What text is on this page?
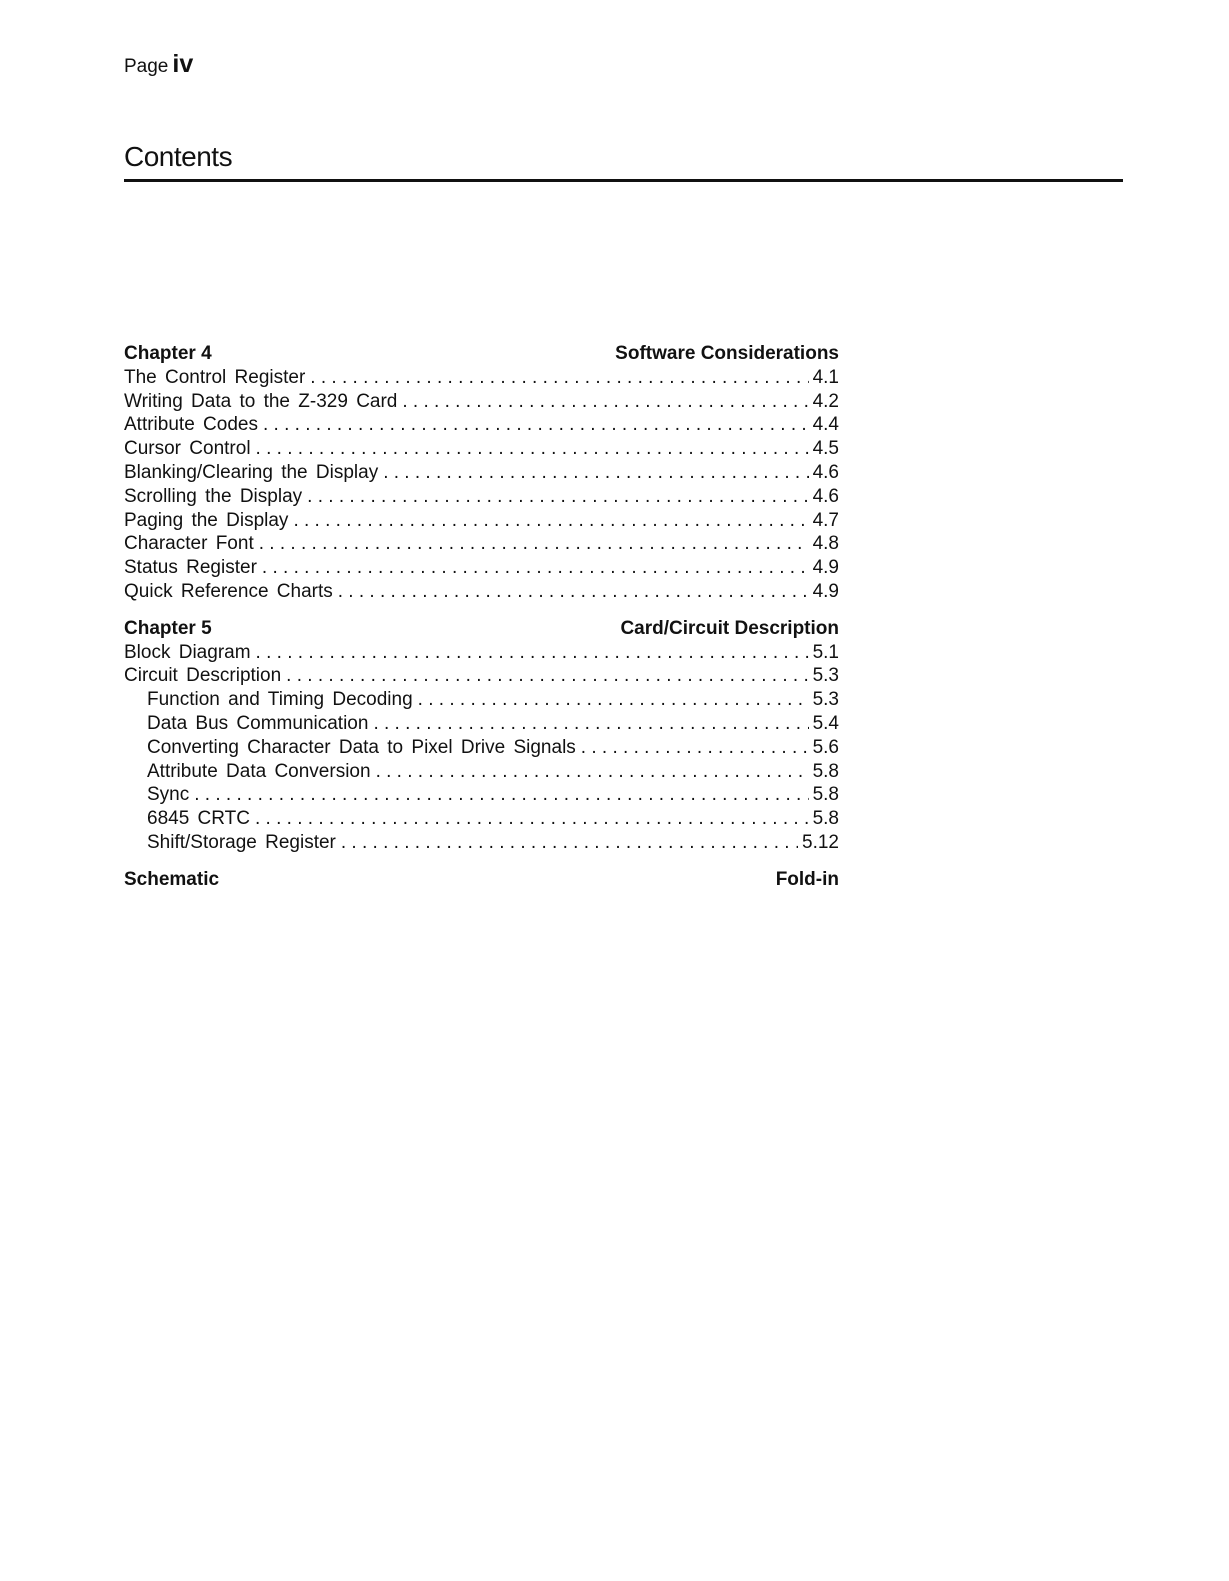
Page iv
Contents
Chapter 4	Software Considerations
The Control Register . . .	4.1
Writing Data to the Z-329 Card . . .	4.2
Attribute Codes . . .	4.4
Cursor Control . . .	4.5
Blanking/Clearing the Display . . .	4.6
Scrolling the Display . . .	4.6
Paging the Display . . .	4.7
Character Font . . .	4.8
Status Register . . .	4.9
Quick Reference Charts . . .	4.9
Chapter 5	Card/Circuit Description
Block Diagram . . .	5.1
Circuit Description . . .	5.3
Function and Timing Decoding . . .	5.3
Data Bus Communication . . .	5.4
Converting Character Data to Pixel Drive Signals . . .	5.6
Attribute Data Conversion . . .	5.8
Sync . . .	5.8
6845 CRTC . . .	5.8
Shift/Storage Register . . .	5.12
Schematic	Fold-in
